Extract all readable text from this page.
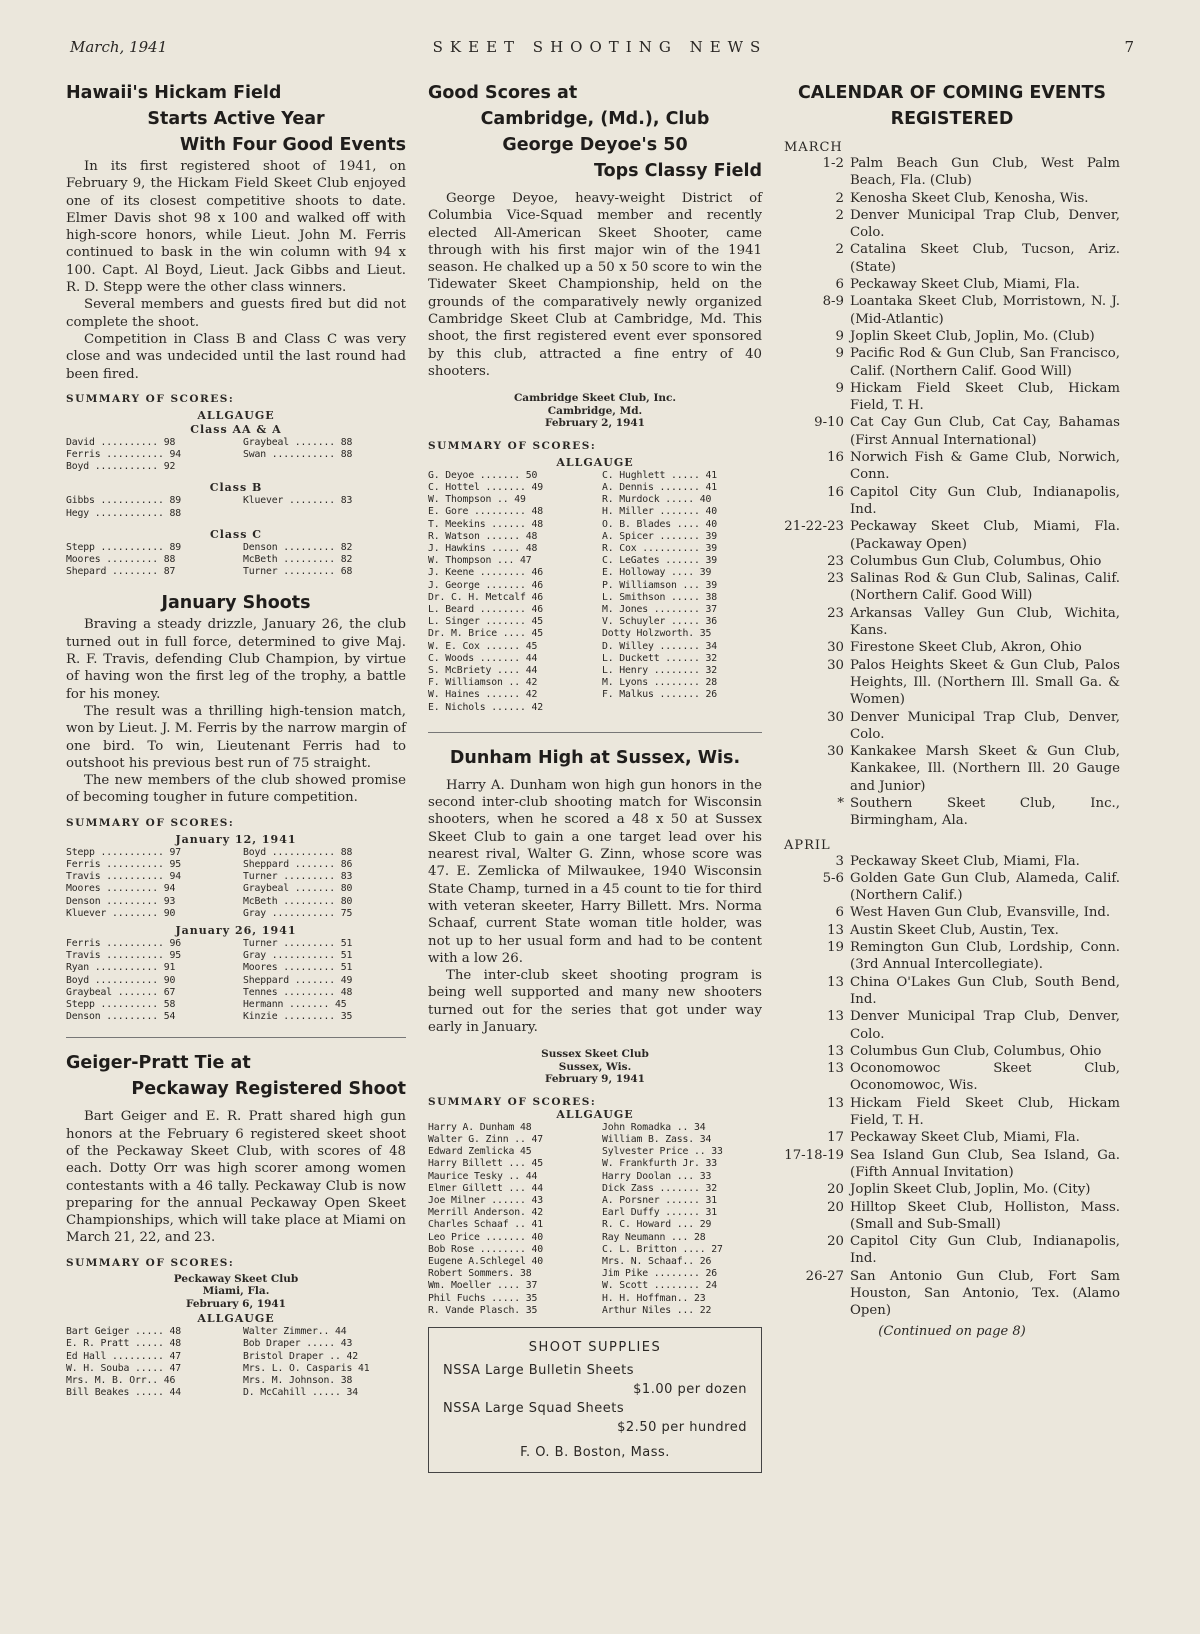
March, 1941	SKEET SHOOTING NEWS	7
Hawaii's Hickam Field
Starts Active Year
With Four Good Events

In its first registered shoot of 1941, on February 9, the Hickam Field Skeet Club enjoyed one of its closest competitive shoots to date. Elmer Davis shot 98 x 100 and walked off with high-score honors, while Lieut. John M. Ferris continued to bask in the win column with 94 x 100. Capt. Al Boyd, Lieut. Jack Gibbs and Lieut. R. D. Stepp were the other class winners.

Several members and guests fired but did not complete the shoot.

Competition in Class B and Class C was very close and was undecided until the last round had been fired.

SUMMARY OF SCORES:
ALLGAUGE
Class AA & A
David .......... 98	Graybeal ....... 88
Ferris .......... 94	Swan ........... 88
Boyd ........... 92
Class B
Gibbs ........... 89	Kluever ........ 83
Hegy ............ 88
Class C
Stepp ........... 89	Denson ......... 82
Moores ......... 88	McBeth ......... 82
Shepard ........ 87	Turner ......... 68
January Shoots

Braving a steady drizzle, January 26, the club turned out in full force, determined to give Maj. R. F. Travis, defending Club Champion, by virtue of having won the first leg of the trophy, a battle for his money.

The result was a thrilling high-tension match, won by Lieut. J. M. Ferris by the narrow margin of one bird. To win, Lieutenant Ferris had to outshoot his previous best run of 75 straight.

The new members of the club showed promise of becoming tougher in future competition.

SUMMARY OF SCORES:
January 12, 1941
Stepp ........... 97	Boyd ........... 88
Ferris .......... 95	Sheppard ....... 86
Travis .......... 94	Turner ......... 83
Moores ......... 94	Graybeal ....... 80
Denson ......... 93	McBeth ......... 80
Kluever ........ 90	Gray ........... 75
January 26, 1941
Ferris .......... 96	Turner ......... 51
Travis .......... 95	Gray ........... 51
Ryan ........... 91	Moores ......... 51
Boyd ........... 90	Sheppard ....... 49
Graybeal ....... 67	Tennes ......... 48
Stepp .......... 58	Hermann ....... 45
Denson ......... 54	Kinzie ......... 35
Geiger-Pratt Tie at
Peckaway Registered Shoot

Bart Geiger and E. R. Pratt shared high gun honors at the February 6 registered skeet shoot of the Peckaway Skeet Club, with scores of 48 each. Dotty Orr was high scorer among women contestants with a 46 tally. Peckaway Club is now preparing for the annual Peckaway Open Skeet Championships, which will take place at Miami on March 21, 22, and 23.

SUMMARY OF SCORES:
Peckaway Skeet Club
Miami, Fla.
February 6, 1941
ALLGAUGE
Bart Geiger ..... 48	Walter Zimmer.. 44
E. R. Pratt ..... 48	Bob Draper ..... 43
Ed Hall ......... 47	Bristol Draper .. 42
W. H. Souba ..... 47	Mrs. L. O. Casparis 41
Mrs. M. B. Orr.. 46	Mrs. M. Johnson. 38
Bill Beakes ..... 44	D. McCahill ..... 34
Good Scores at
Cambridge, (Md.), Club
George Deyoe's 50
Tops Classy Field

George Deyoe, heavy-weight District of Columbia Vice-Squad member and recently elected All-American Skeet Shooter, came through with his first major win of the 1941 season. He chalked up a 50 x 50 score to win the Tidewater Skeet Championship, held on the grounds of the comparatively newly organized Cambridge Skeet Club at Cambridge, Md. This shoot, the first registered event ever sponsored by this club, attracted a fine entry of 40 shooters.

Cambridge Skeet Club, Inc.
Cambridge, Md.
February 2, 1941
SUMMARY OF SCORES:
ALLGAUGE
G. Deyoe ....... 50	C. Hughlett ..... 41
C. Hottel ....... 49	A. Dennis ....... 41
W. Thompson .. 49	R. Murdock ..... 40
E. Gore ......... 48	H. Miller ....... 40
T. Meekins ...... 48	O. B. Blades .... 40
R. Watson ...... 48	A. Spicer ....... 39
J. Hawkins ..... 48	R. Cox .......... 39
W. Thompson ... 47	C. LeGates ...... 39
J. Keene ........ 46	E. Holloway .... 39
J. George ....... 46	P. Williamson ... 39
Dr. C. H. Metcalf 46	L. Smithson ..... 38
L. Beard ........ 46	M. Jones ........ 37
L. Singer ....... 45	V. Schuyler ..... 36
Dr. M. Brice .... 45	Dotty Holzworth. 35
W. E. Cox ...... 45	D. Willey ....... 34
C. Woods ....... 44	L. Duckett ...... 32
S. McBriety .... 44	L. Henry ........ 32
F. Williamson .. 42	M. Lyons ........ 28
W. Haines ...... 42	F. Malkus ....... 26
E. Nichols ...... 42
Dunham High at Sussex, Wis.

Harry A. Dunham won high gun honors in the second inter-club shooting match for Wisconsin shooters, when he scored a 48 x 50 at Sussex Skeet Club to gain a one target lead over his nearest rival, Walter G. Zinn, whose score was 47. E. Zemlicka of Milwaukee, 1940 Wisconsin State Champ, turned in a 45 count to tie for third with veteran skeeter, Harry Billett. Mrs. Norma Schaaf, current State woman title holder, was not up to her usual form and had to be content with a low 26.

The inter-club skeet shooting program is being well supported and many new shooters turned out for the series that got under way early in January.

Sussex Skeet Club
Sussex, Wis.
February 9, 1941
SUMMARY OF SCORES:
ALLGAUGE
Harry A. Dunham 48	John Romadka .. 34
Walter G. Zinn .. 47	William B. Zass. 34
Edward Zemlicka 45	Sylvester Price .. 33
Harry Billett ... 45	W. Frankfurth Jr. 33
Maurice Tesky .. 44	Harry Doolan ... 33
Elmer Gillett ... 44	Dick Zass ....... 32
Joe Milner ...... 43	A. Porsner ...... 31
Merrill Anderson. 42	Earl Duffy ...... 31
Charles Schaaf .. 41	R. C. Howard ... 29
Leo Price ....... 40	Ray Neumann ... 28
Bob Rose ........ 40	C. L. Britton .... 27
Eugene A.Schlegel 40	Mrs. N. Schaaf.. 26
Robert Sommers. 38	Jim Pike ........ 26
Wm. Moeller .... 37	W. Scott ........ 24
Phil Fuchs ..... 35	H. H. Hoffman.. 23
R. Vande Plasch. 35	Arthur Niles ... 22
SHOOT SUPPLIES
NSSA Large Bulletin Sheets
$1.00 per dozen
NSSA Large Squad Sheets
$2.50 per hundred
F. O. B. Boston, Mass.
CALENDAR OF COMING EVENTS
REGISTERED
MARCH
1-2 Palm Beach Gun Club, West Palm Beach, Fla. (Club)
2 Kenosha Skeet Club, Kenosha, Wis.
2 Denver Municipal Trap Club, Denver, Colo.
2 Catalina Skeet Club, Tucson, Ariz. (State)
6 Peckaway Skeet Club, Miami, Fla.
8-9 Loantaka Skeet Club, Morristown, N. J. (Mid-Atlantic)
9 Joplin Skeet Club, Joplin, Mo. (Club)
9 Pacific Rod & Gun Club, San Francisco, Calif. (Northern Calif. Good Will)
9 Hickam Field Skeet Club, Hickam Field, T. H.
9-10 Cat Cay Gun Club, Cat Cay, Bahamas (First Annual International)
16 Norwich Fish & Game Club, Norwich, Conn.
16 Capitol City Gun Club, Indianapolis, Ind.
21-22-23 Peckaway Skeet Club, Miami, Fla. (Packaway Open)
23 Columbus Gun Club, Columbus, Ohio
23 Salinas Rod & Gun Club, Salinas, Calif. (Northern Calif. Good Will)
23 Arkansas Valley Gun Club, Wichita, Kans.
30 Firestone Skeet Club, Akron, Ohio
30 Palos Heights Skeet & Gun Club, Palos Heights, Ill. (Northern Ill. Small Ga. & Women)
30 Denver Municipal Trap Club, Denver, Colo.
30 Kankakee Marsh Skeet & Gun Club, Kankakee, Ill. (Northern Ill. 20 Gauge and Junior)
* Southern Skeet Club, Inc., Birmingham, Ala.
APRIL
3 Peckaway Skeet Club, Miami, Fla.
5-6 Golden Gate Gun Club, Alameda, Calif. (Northern Calif.)
6 West Haven Gun Club, Evansville, Ind.
13 Austin Skeet Club, Austin, Tex.
19 Remington Gun Club, Lordship, Conn. (3rd Annual Intercollegiate).
13 China O'Lakes Gun Club, South Bend, Ind.
13 Denver Municipal Trap Club, Denver, Colo.
13 Columbus Gun Club, Columbus, Ohio
13 Oconomowoc Skeet Club, Oconomowoc, Wis.
13 Hickam Field Skeet Club, Hickam Field, T. H.
17 Peckaway Skeet Club, Miami, Fla.
17-18-19 Sea Island Gun Club, Sea Island, Ga. (Fifth Annual Invitation)
20 Joplin Skeet Club, Joplin, Mo. (City)
20 Hilltop Skeet Club, Holliston, Mass. (Small and Sub-Small)
20 Capitol City Gun Club, Indianapolis, Ind.
26-27 San Antonio Gun Club, Fort Sam Houston, San Antonio, Tex. (Alamo Open)
(Continued on page 8)
